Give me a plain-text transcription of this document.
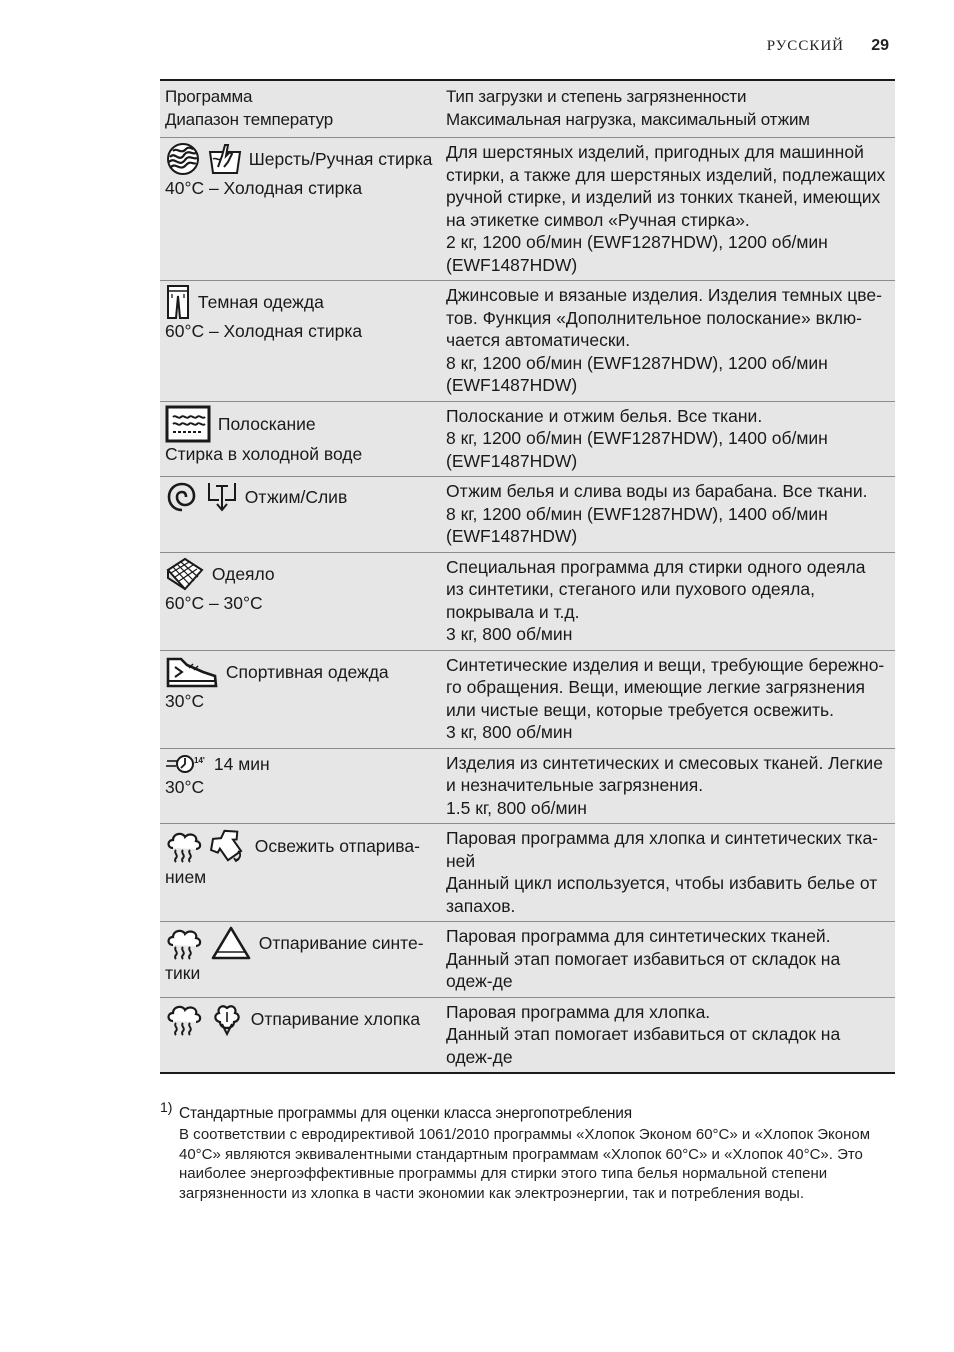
РУССКИЙ 29
Программа
Диапазон температур	Тип загрузки и степень загрязненности
Максимальная нагрузка, максимальный отжим

Шерсть/Ручная стирка
40°C – Холодная стирка	Для шерстяных изделий, пригодных для машинной стирки, а также для шерстяных изделий, подлежащих ручной стирке, и изделий из тонких тканей, имеющих на этикетке символ «Ручная стирка».
2 кг, 1200 об/мин (EWF1287HDW), 1200 об/мин (EWF1487HDW)

Темная одежда
60°C – Холодная стирка	Джинсовые и вязаные изделия. Изделия темных цве-тов. Функция «Дополнительное полоскание» вклю-чается автоматически.
8 кг, 1200 об/мин (EWF1287HDW), 1200 об/мин (EWF1487HDW)

Полоскание
Стирка в холодной воде	Полоскание и отжим белья. Все ткани.
8 кг, 1200 об/мин (EWF1287HDW), 1400 об/мин (EWF1487HDW)

Отжим/Слив	Отжим белья и слива воды из барабана. Все ткани.
8 кг, 1200 об/мин (EWF1287HDW), 1400 об/мин (EWF1487HDW)

Одеяло
60°C – 30°C	Специальная программа для стирки одного одеяла из синтетики, стеганого или пухового одеяла, покрывала и т.д.
3 кг, 800 об/мин

Спортивная одежда
30°C	Синтетические изделия и вещи, требующие бережно-го обращения. Вещи, имеющие легкие загрязнения или чистые вещи, которые требуется освежить.
3 кг, 800 об/мин

14' 14 мин
30°C	Изделия из синтетических и смесовых тканей. Легкие и незначительные загрязнения.
1.5 кг, 800 об/мин

Освежить отпарива-нием	Паровая программа для хлопка и синтетических тка-ней
Данный цикл используется, чтобы избавить белье от запахов.

Отпаривание синте-тики	Паровая программа для синтетических тканей.
Данный этап помогает избавиться от складок на одеж-де

Отпаривание хлопка	Паровая программа для хлопка.
Данный этап помогает избавиться от складок на одеж-де
1) Стандартные программы для оценки класса энергопотребления

В соответствии с евродирективой 1061/2010 программы «Хлопок Эконом 60°C» и «Хлопок Эконом 40°C» являются эквивалентными стандартным программам «Хлопок 60°C» и «Хлопок 40°C». Это наиболее энергоэффективные программы для стирки этого типа белья нормальной степени загрязненности из хлопка в части экономии как электроэнергии, так и потребления воды.
